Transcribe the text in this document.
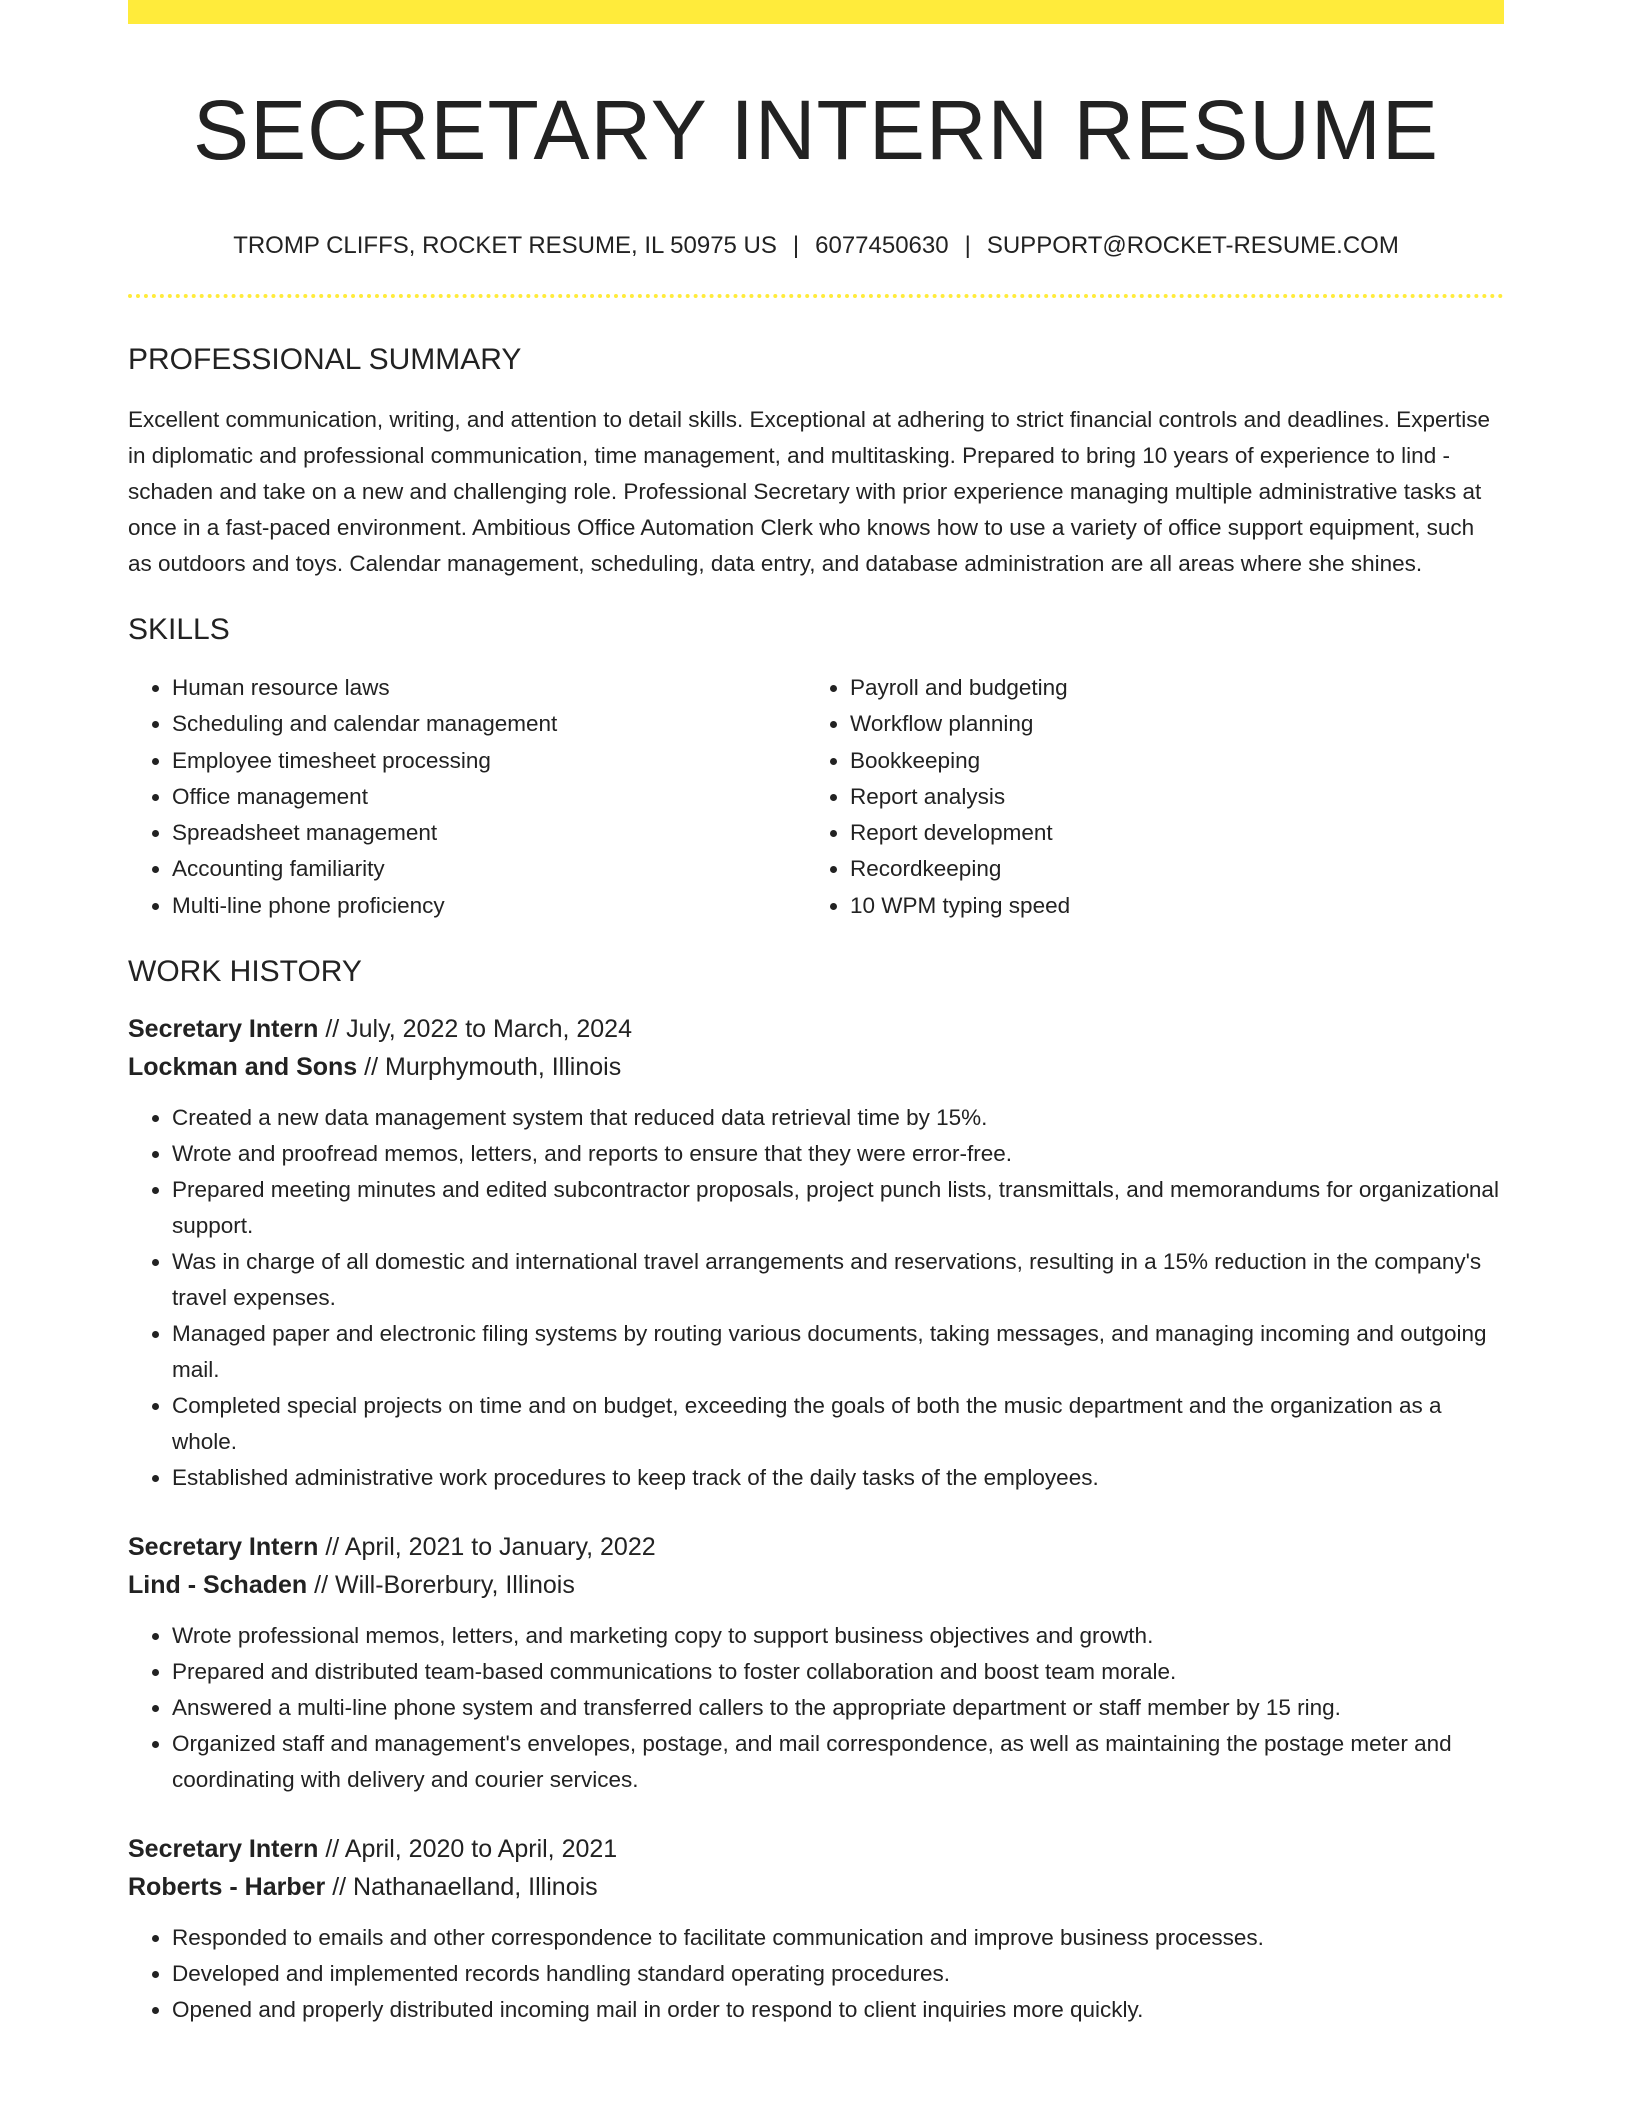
SECRETARY INTERN RESUME
TROMP CLIFFS, ROCKET RESUME, IL 50975 US | 6077450630 | SUPPORT@ROCKET-RESUME.COM
PROFESSIONAL SUMMARY
Excellent communication, writing, and attention to detail skills. Exceptional at adhering to strict financial controls and deadlines. Expertise in diplomatic and professional communication, time management, and multitasking. Prepared to bring 10 years of experience to lind - schaden and take on a new and challenging role. Professional Secretary with prior experience managing multiple administrative tasks at once in a fast-paced environment. Ambitious Office Automation Clerk who knows how to use a variety of office support equipment, such as outdoors and toys. Calendar management, scheduling, data entry, and database administration are all areas where she shines.
SKILLS
• Human resource laws
• Scheduling and calendar management
• Employee timesheet processing
• Office management
• Spreadsheet management
• Accounting familiarity
• Multi-line phone proficiency
• Payroll and budgeting
• Workflow planning
• Bookkeeping
• Report analysis
• Report development
• Recordkeeping
• 10 WPM typing speed
WORK HISTORY
Secretary Intern // July, 2022 to March, 2024
Lockman and Sons // Murphymouth, Illinois
• Created a new data management system that reduced data retrieval time by 15%.
• Wrote and proofread memos, letters, and reports to ensure that they were error-free.
• Prepared meeting minutes and edited subcontractor proposals, project punch lists, transmittals, and memorandums for organizational support.
• Was in charge of all domestic and international travel arrangements and reservations, resulting in a 15% reduction in the company's travel expenses.
• Managed paper and electronic filing systems by routing various documents, taking messages, and managing incoming and outgoing mail.
• Completed special projects on time and on budget, exceeding the goals of both the music department and the organization as a whole.
• Established administrative work procedures to keep track of the daily tasks of the employees.
Secretary Intern // April, 2021 to January, 2022
Lind - Schaden // Will-Borerbury, Illinois
• Wrote professional memos, letters, and marketing copy to support business objectives and growth.
• Prepared and distributed team-based communications to foster collaboration and boost team morale.
• Answered a multi-line phone system and transferred callers to the appropriate department or staff member by 15 ring.
• Organized staff and management's envelopes, postage, and mail correspondence, as well as maintaining the postage meter and coordinating with delivery and courier services.
Secretary Intern // April, 2020 to April, 2021
Roberts - Harber // Nathanaelland, Illinois
• Responded to emails and other correspondence to facilitate communication and improve business processes.
• Developed and implemented records handling standard operating procedures.
• Opened and properly distributed incoming mail in order to respond to client inquiries more quickly.
